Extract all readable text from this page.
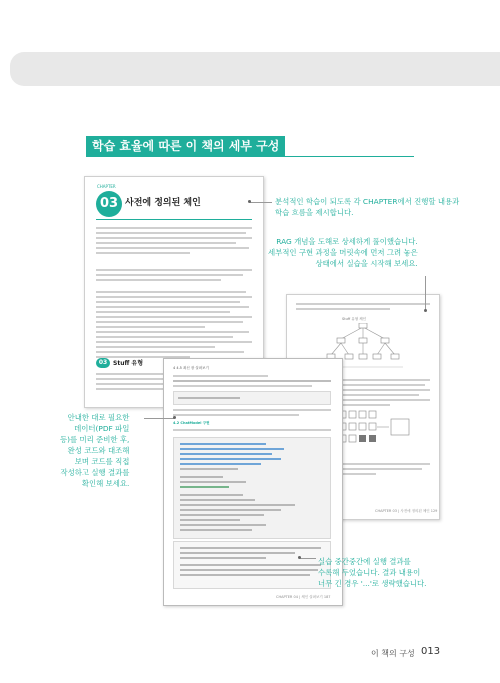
학습 효율에 따른 이 책의 세부 구성
CHAPTER
03 사전에 정의된 체인
03 Stuff 유형
Stuff 유형 체인
CHAPTER 03 | 사전에 정의된 체인 129
4 4.5 최신 장 살펴보기
4.2 ChatModel 구현
CHAPTER 04 | 체인 살펴보기 187
분석적인 학습이 되도록 각 CHAPTER에서 진행할 내용과
학습 흐름을 제시합니다.
RAG 개념을 도해로 상세하게 풀이했습니다.
세부적인 구현 과정을 머릿속에 먼저 그려 놓은
상태에서 실습을 시작해 보세요.
안내한 대로 필요한
데이터(PDF 파일
등)를 미리 준비한 후,
완성 코드와 대조해
보며 코드를 직접
작성하고 실행 결과를
확인해 보세요.
실습 중간중간에 실행 결과를
수록해 두었습니다. 결과 내용이
너무 긴 경우 '...'로 생략했습니다.
이 책의 구성 013
